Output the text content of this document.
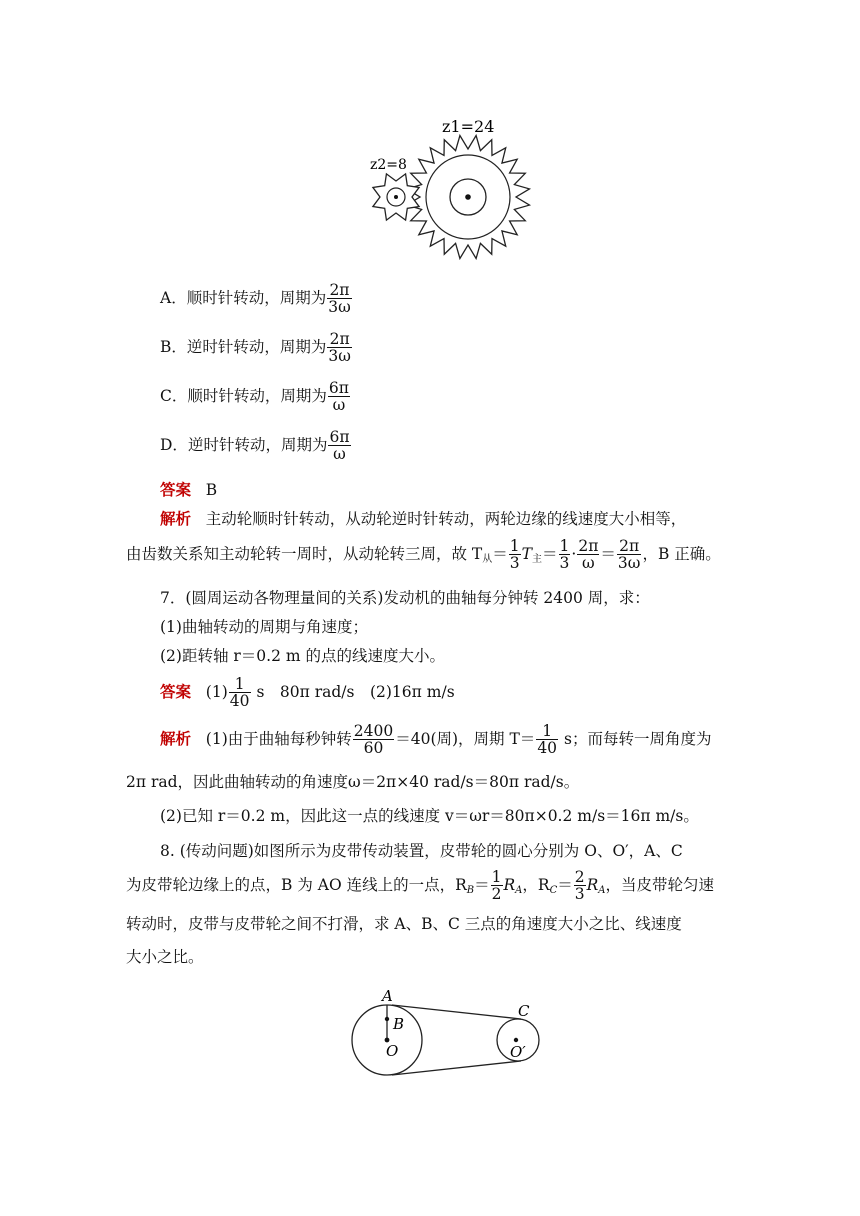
z1=24
z2=8
A．顺时针转动，周期为 $\frac{2\pi}{3\omega}$
B．逆时针转动，周期为 $\frac{2\pi}{3\omega}$
C．顺时针转动，周期为 $\frac{6\pi}{\omega}$
D．逆时针转动，周期为 $\frac{6\pi}{\omega}$
答案 B
解析 主动轮顺时针转动，从动轮逆时针转动，两轮边缘的线速度大小相等，
由齿数关系知主动轮转一周时，从动轮转三周，故 $T_从= \frac{1}{3} T_主= \frac{1}{3} \cdot \frac{2\pi}{\omega} = \frac{2\pi}{3\omega}$ ，B 正确。
7．(圆周运动各物理量间的关系)发动机的曲轴每分钟转 2400 周，求：
(1)曲轴转动的周期与角速度；
(2)距转轴 r＝0.2 m 的点的线速度大小。
答案 $(1) \frac{1}{40}$ s　80π rad/s　(2)16π m/s
解析 (1)由于曲轴每秒钟转 $\frac{2400}{60} =40$(周)，周期 $T= \frac{1}{40}$ s；而每转一周角度为
2π rad，因此曲轴转动的角速度ω＝2π×40 rad/s＝80π rad/s。
(2)已知 r＝0.2 m，因此这一点的线速度 v＝ωr＝80π×0.2 m/s＝16π m/s。
8. (传动问题)如图所示为皮带传动装置，皮带轮的圆心分别为 O、O′，A、C
为皮带轮边缘上的点，B 为 AO 连线上的一点，$R_B= \frac{1}{2} R_A$，$R_C= \frac{2}{3} R_A$，当皮带轮匀速
转动时，皮带与皮带轮之间不打滑，求 A、B、C 三点的角速度大小之比、线速度
大小之比。
A
B
O
C
O′
